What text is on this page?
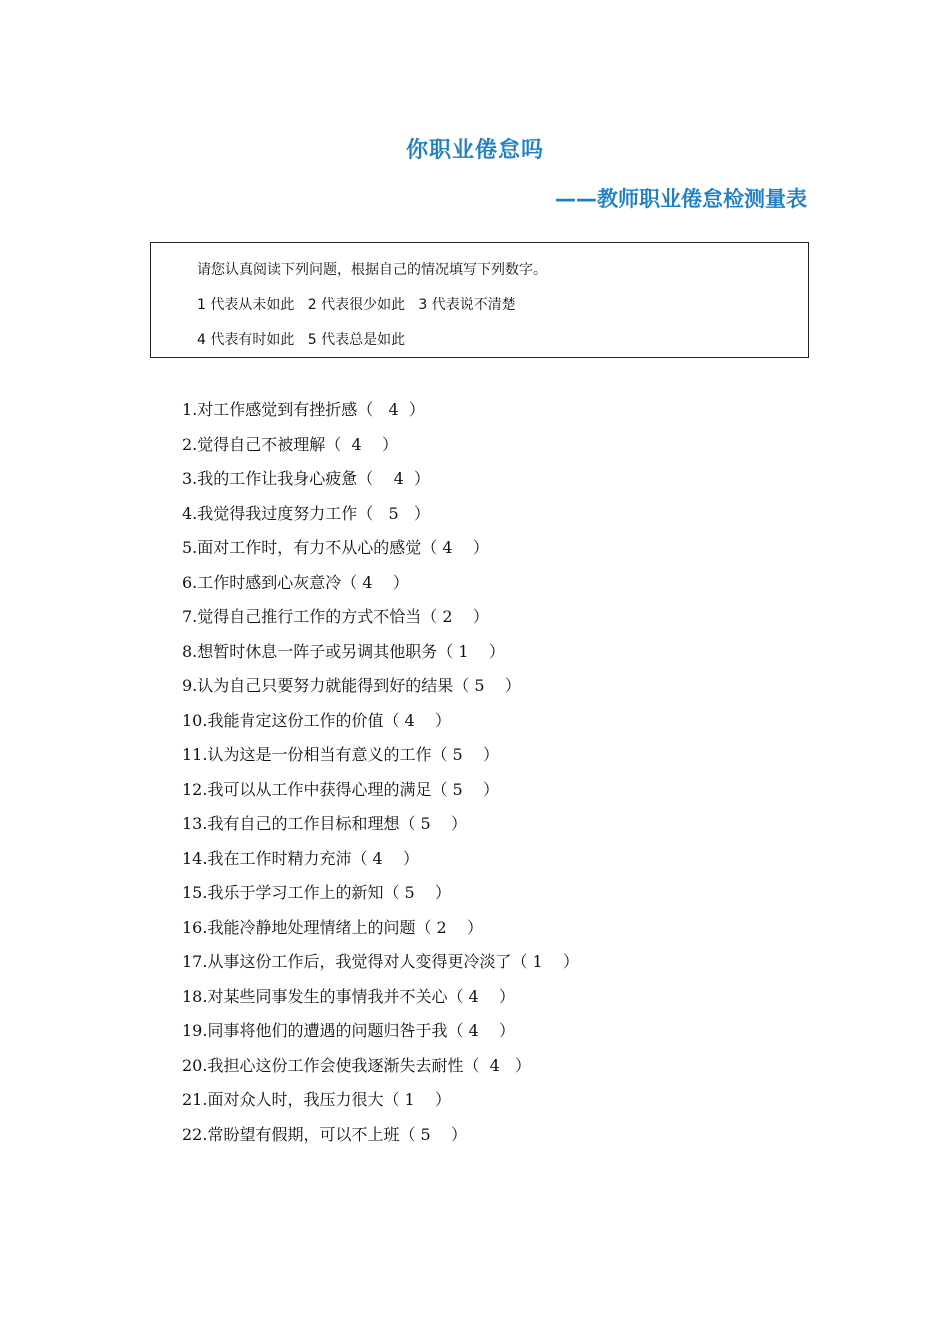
你职业倦怠吗
——教师职业倦怠检测量表
请您认真阅读下列问题，根据自己的情况填写下列数字。
1 代表从未如此   2 代表很少如此   3 代表说不清楚
4 代表有时如此   5 代表总是如此
1.对工作感觉到有挫折感（   4  ）
2.觉得自己不被理解（  4    ）
3.我的工作让我身心疲惫（    4  ）
4.我觉得我过度努力工作（   5   ）
5.面对工作时，有力不从心的感觉（ 4    ）
6.工作时感到心灰意冷（ 4    ）
7.觉得自己推行工作的方式不恰当（ 2    ）
8.想暂时休息一阵子或另调其他职务（ 1    ）
9.认为自己只要努力就能得到好的结果（ 5    ）
10.我能肯定这份工作的价值（ 4    ）
11.认为这是一份相当有意义的工作（ 5    ）
12.我可以从工作中获得心理的满足（ 5    ）
13.我有自己的工作目标和理想（ 5    ）
14.我在工作时精力充沛（ 4    ）
15.我乐于学习工作上的新知（ 5    ）
16.我能冷静地处理情绪上的问题（ 2    ）
17.从事这份工作后，我觉得对人变得更冷淡了（ 1    ）
18.对某些同事发生的事情我并不关心（ 4    ）
19.同事将他们的遭遇的问题归咎于我（ 4    ）
20.我担心这份工作会使我逐渐失去耐性（  4   ）
21.面对众人时，我压力很大（ 1    ）
22.常盼望有假期，可以不上班（ 5    ）
